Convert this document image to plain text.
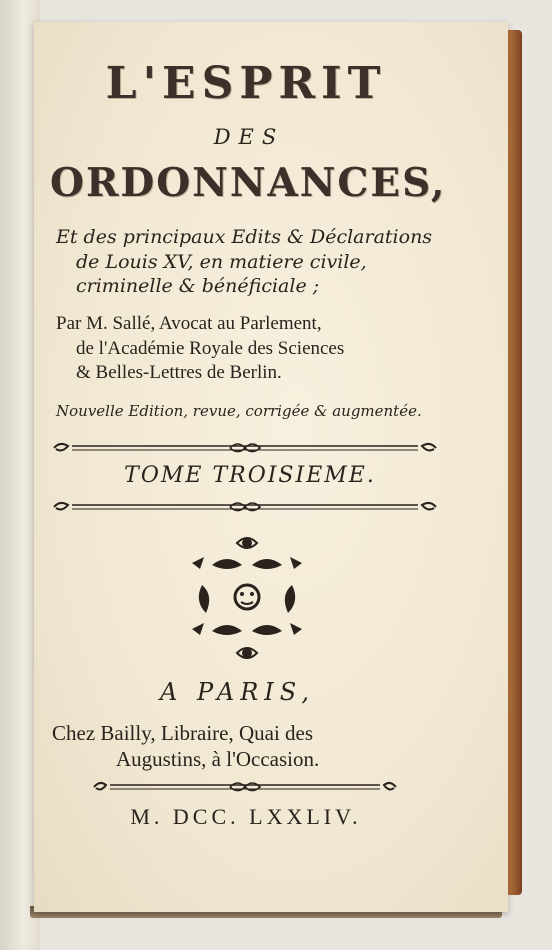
L'ESPRIT
DES
ORDONNANCES,
Et des principaux Edits & Déclarations
de Louis XV, en matiere civile,
criminelle & bénéficiale ;
Par M. Sallé, Avocat au Parlement,
de l'Académie Royale des Sciences
& Belles-Lettres de Berlin.
Nouvelle Edition, revue, corrigée & augmentée.
TOME TROISIEME.
A PARIS,
Chez Bailly, Libraire, Quai des
Augustins, à l'Occasion.
M. DCC. LXXLIV.
